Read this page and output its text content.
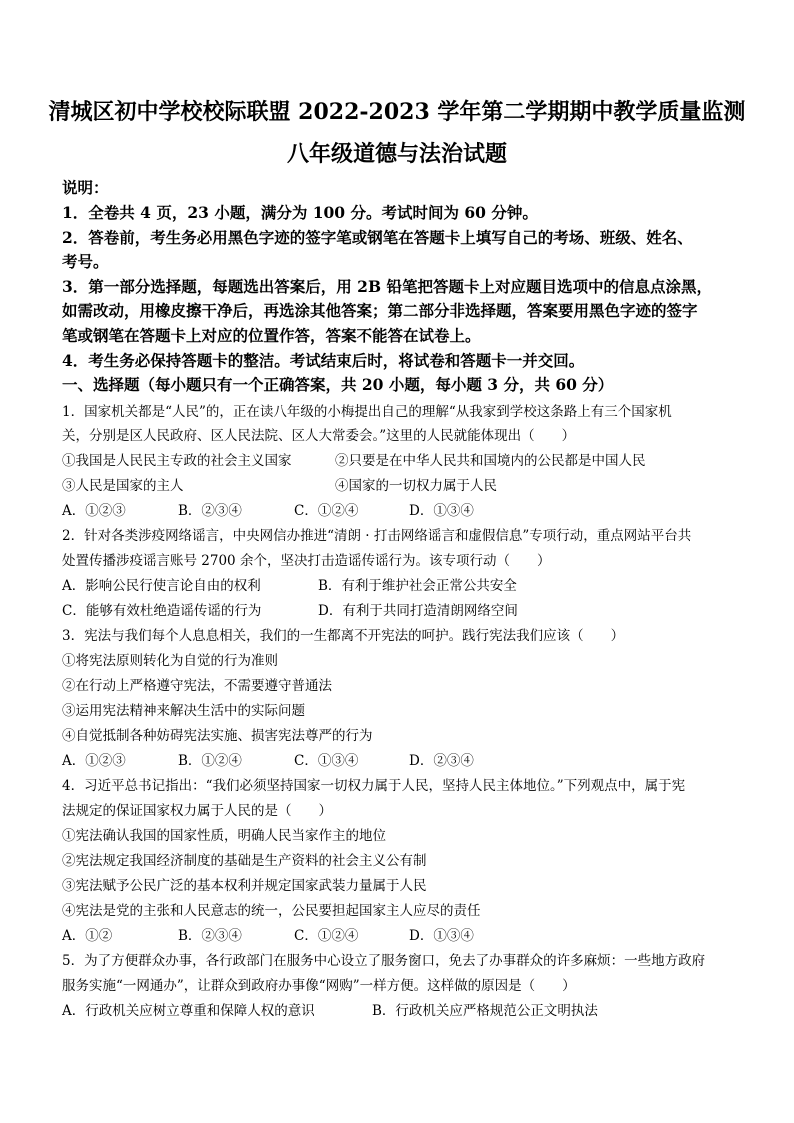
清城区初中学校校际联盟 2022-2023 学年第二学期期中教学质量监测
八年级道德与法治试题
说明：
1．全卷共 4 页，23 小题，满分为 100 分。考试时间为 60 分钟。
2．答卷前，考生务必用黑色字迹的签字笔或钢笔在答题卡上填写自己的考场、班级、姓名、
考号。
3．第一部分选择题，每题选出答案后，用 2B 铅笔把答题卡上对应题目选项中的信息点涂黑，
如需改动，用橡皮擦干净后，再选涂其他答案；第二部分非选择题，答案要用黑色字迹的签字
笔或钢笔在答题卡上对应的位置作答，答案不能答在试卷上。
4．考生务必保持答题卡的整洁。考试结束后时，将试卷和答题卡一并交回。
一、选择题（每小题只有一个正确答案，共 20 小题，每小题 3 分，共 60 分）
1．国家机关都是“人民”的，正在读八年级的小梅提出自己的理解“从我家到学校这条路上有三个国家机
关，分别是区人民政府、区人民法院、区人大常委会。”这里的人民就能体现出（　　）
①我国是人民民主专政的社会主义国家	②只要是在中华人民共和国境内的公民都是中国人民
③人民是国家的主人	④国家的一切权力属于人民
A．①②③	B．②③④	C．①②④	D．①③④
2．针对各类涉疫网络谣言，中央网信办推进“清朗 · 打击网络谣言和虚假信息”专项行动，重点网站平台共
处置传播涉疫谣言账号 2700 余个，坚决打击造谣传谣行为。该专项行动（　　）
A．影响公民行使言论自由的权利	B．有利于维护社会正常公共安全
C．能够有效杜绝造谣传谣的行为	D．有利于共同打造清朗网络空间
3．宪法与我们每个人息息相关，我们的一生都离不开宪法的呵护。践行宪法我们应该（　　）
①将宪法原则转化为自觉的行为准则
②在行动上严格遵守宪法，不需要遵守普通法
③运用宪法精神来解决生活中的实际问题
④自觉抵制各种妨碍宪法实施、损害宪法尊严的行为
A．①②③	B．①②④	C．①③④	D．②③④
4．习近平总书记指出：“我们必须坚持国家一切权力属于人民，坚持人民主体地位。”下列观点中，属于宪
法规定的保证国家权力属于人民的是（　　）
①宪法确认我国的国家性质，明确人民当家作主的地位
②宪法规定我国经济制度的基础是生产资料的社会主义公有制
③宪法赋予公民广泛的基本权利并规定国家武装力量属于人民
④宪法是党的主张和人民意志的统一，公民要担起国家主人应尽的责任
A．①②	B．②③④	C．①②④	D．①③④
5．为了方便群众办事，各行政部门在服务中心设立了服务窗口，免去了办事群众的许多麻烦：一些地方政府
服务实施“一网通办”，让群众到政府办事像“网购”一样方便。这样做的原因是（　　）
A．行政机关应树立尊重和保障人权的意识	B．行政机关应严格规范公正文明执法
